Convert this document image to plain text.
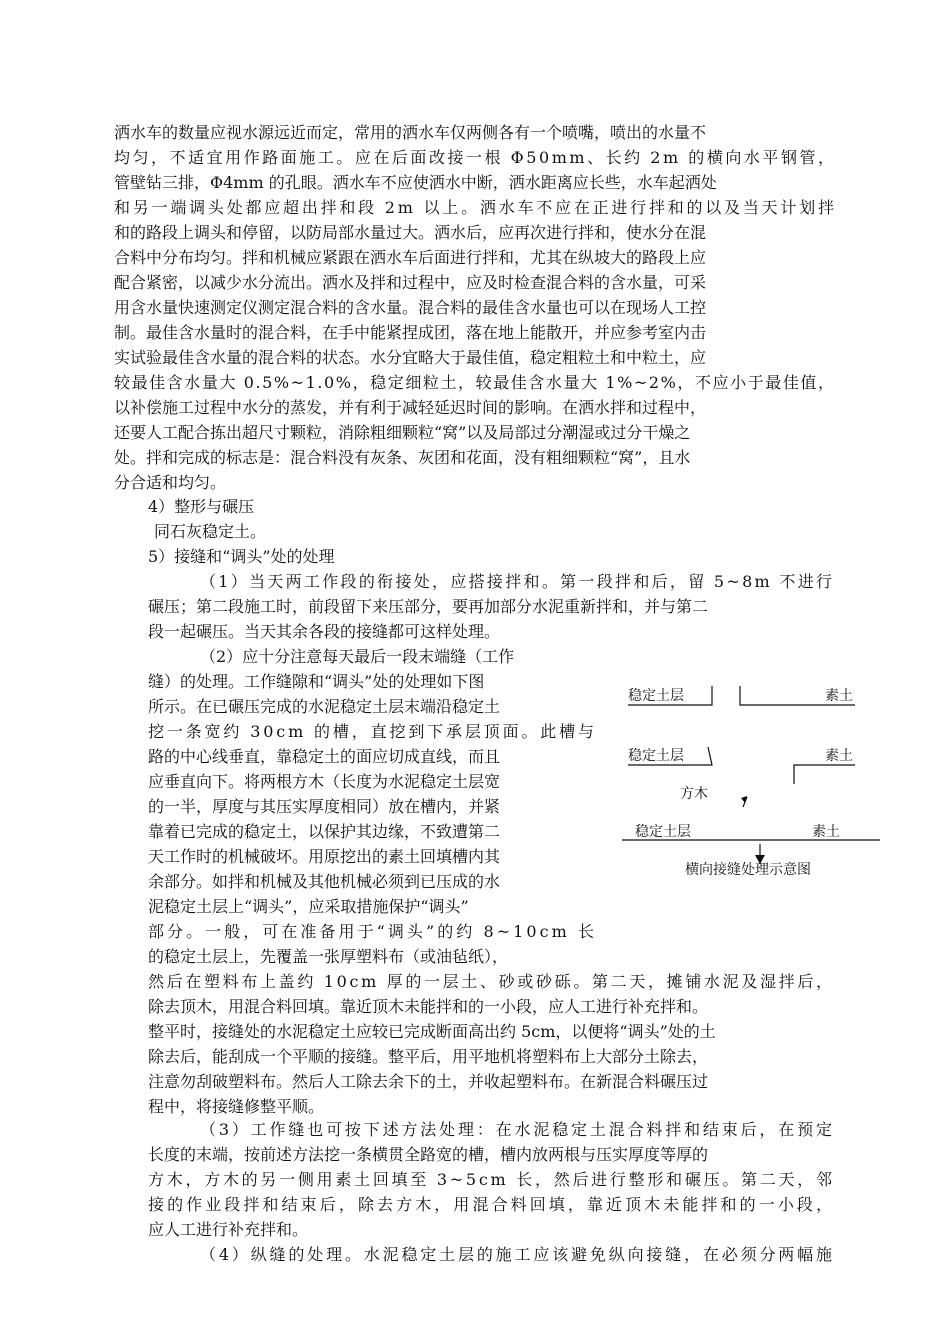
洒水车的数量应视水源远近而定，常用的洒水车仅两侧各有一个喷嘴，喷出的水量不
均匀，不适宜用作路面施工。应在后面改接一根 Φ50mm、长约 2m 的横向水平钢管，
管壁钻三排，Φ4mm 的孔眼。洒水车不应使洒水中断，洒水距离应长些，水车起洒处
和另一端调头处都应超出拌和段 2m 以上。洒水车不应在正进行拌和的以及当天计划拌
和的路段上调头和停留，以防局部水量过大。洒水后，应再次进行拌和，使水分在混
合料中分布均匀。拌和机械应紧跟在洒水车后面进行拌和，尤其在纵坡大的路段上应
配合紧密，以减少水分流出。洒水及拌和过程中，应及时检查混合料的含水量，可采
用含水量快速测定仪测定混合料的含水量。混合料的最佳含水量也可以在现场人工控
制。最佳含水量时的混合料，在手中能紧捏成团，落在地上能散开，并应参考室内击
实试验最佳含水量的混合料的状态。水分宜略大于最佳值，稳定粗粒土和中粒土，应
较最佳含水量大 0.5%~1.0%，稳定细粒土，较最佳含水量大 1%~2%，不应小于最佳值，
以补偿施工过程中水分的蒸发，并有利于减轻延迟时间的影响。在洒水拌和过程中，
还要人工配合拣出超尺寸颗粒，消除粗细颗粒“窝”以及局部过分潮湿或过分干燥之
处。拌和完成的标志是：混合料没有灰条、灰团和花面，没有粗细颗粒“窝”，且水
分合适和均匀。
4）整形与碾压
同石灰稳定土。
5）接缝和“调头”处的处理
（1）当天两工作段的衔接处，应搭接拌和。第一段拌和后，留 5~8m 不进行
碾压；第二段施工时，前段留下来压部分，要再加部分水泥重新拌和，并与第二
段一起碾压。当天其余各段的接缝都可这样处理。
（2）应十分注意每天最后一段末端缝（工作
缝）的处理。工作缝隙和“调头”处的处理如下图
所示。在已碾压完成的水泥稳定土层末端沿稳定土
挖一条宽约 30cm 的槽，直挖到下承层顶面。此槽与
路的中心线垂直，靠稳定土的面应切成直线，而且
应垂直向下。将两根方木（长度为水泥稳定土层宽
的一半，厚度与其压实厚度相同）放在槽内，并紧
靠着已完成的稳定土，以保护其边缘，不致遭第二
天工作时的机械破坏。用原挖出的素土回填槽内其
余部分。如拌和机械及其他机械必须到已压成的水
泥稳定土层上“调头”，应采取措施保护“调头”
部分。一般，可在准备用于“调头”的约 8~10cm 长
的稳定土层上，先覆盖一张厚塑料布（或油毡纸），
然后在塑料布上盖约 10cm 厚的一层土、砂或砂砾。第二天，摊铺水泥及湿拌后，
除去顶木，用混合料回填。靠近顶木未能拌和的一小段，应人工进行补充拌和。
整平时，接缝处的水泥稳定土应较已完成断面高出约 5cm，以便将“调头”处的土
除去后，能刮成一个平顺的接缝。整平后，用平地机将塑料布上大部分土除去，
注意勿刮破塑料布。然后人工除去余下的土，并收起塑料布。在新混合料碾压过
程中，将接缝修整平顺。
（3）工作缝也可按下述方法处理：在水泥稳定土混合料拌和结束后，在预定
长度的末端，按前述方法挖一条横贯全路宽的槽，槽内放两根与压实厚度等厚的
方木，方木的另一侧用素土回填至 3~5cm 长，然后进行整形和碾压。第二天，邻
接的作业段拌和结束后，除去方木，用混合料回填，靠近顶木未能拌和的一小段，
应人工进行补充拌和。
（4）纵缝的处理。水泥稳定土层的施工应该避免纵向接缝，在必须分两幅施
稳定土层	素土
稳定土层	素土
方木
稳定土层	素土
横向接缝处理示意图
